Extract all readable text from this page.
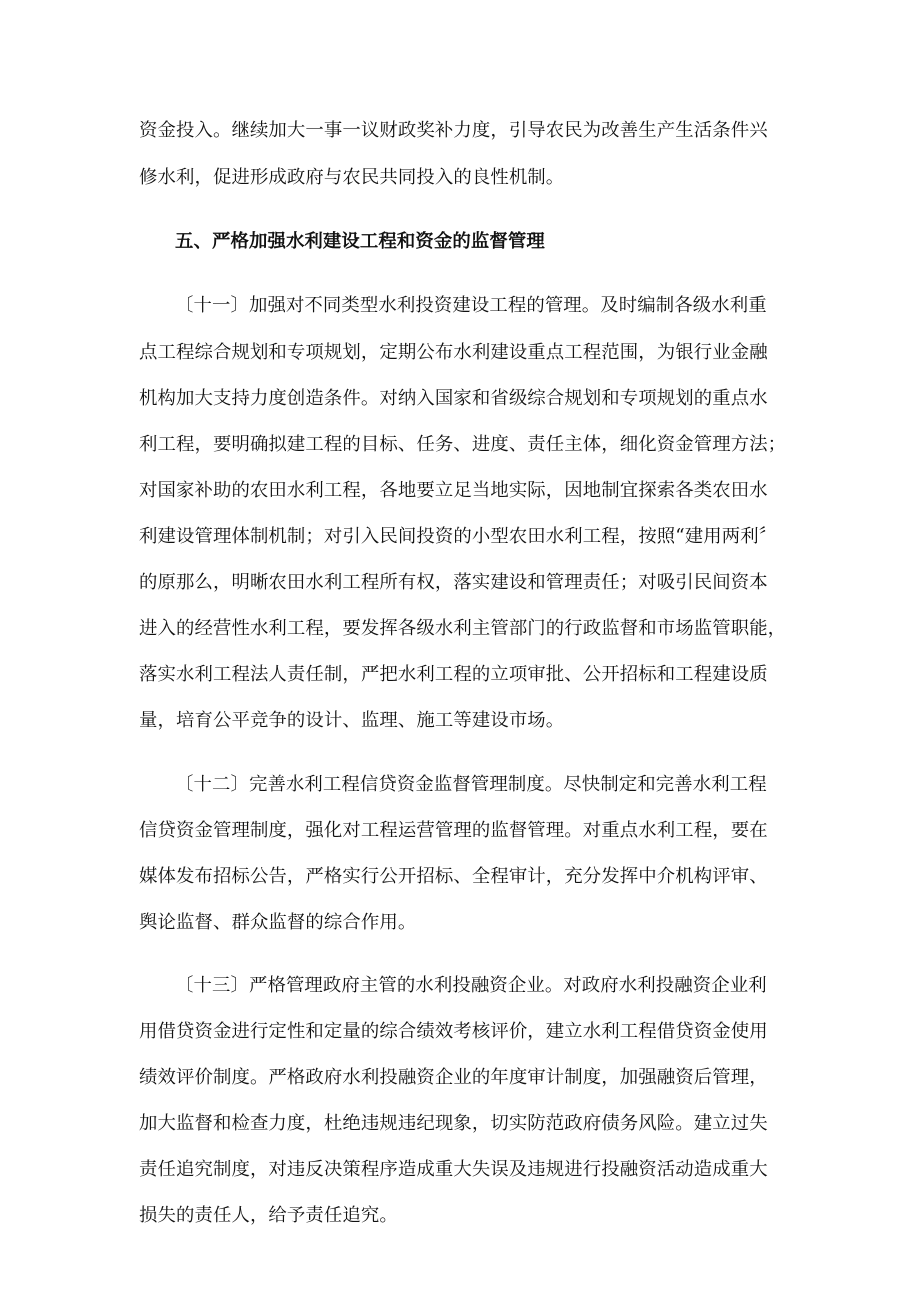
资金投入。继续加大一事一议财政奖补力度，引导农民为改善生产生活条件兴
修水利，促进形成政府与农民共同投入的良性机制。
五、严格加强水利建设工程和资金的监督管理
〔十一〕加强对不同类型水利投资建设工程的管理。及时编制各级水利重
点工程综合规划和专项规划，定期公布水利建设重点工程范围，为银行业金融
机构加大支持力度创造条件。对纳入国家和省级综合规划和专项规划的重点水
利工程，要明确拟建工程的目标、任务、进度、责任主体，细化资金管理方法；
对国家补助的农田水利工程，各地要立足当地实际，因地制宜探索各类农田水
利建设管理体制机制；对引入民间投资的小型农田水利工程，按照“建用两利〞
的原那么，明晰农田水利工程所有权，落实建设和管理责任；对吸引民间资本
进入的经营性水利工程，要发挥各级水利主管部门的行政监督和市场监管职能，
落实水利工程法人责任制，严把水利工程的立项审批、公开招标和工程建设质
量，培育公平竞争的设计、监理、施工等建设市场。
〔十二〕完善水利工程信贷资金监督管理制度。尽快制定和完善水利工程
信贷资金管理制度，强化对工程运营管理的监督管理。对重点水利工程，要在
媒体发布招标公告，严格实行公开招标、全程审计，充分发挥中介机构评审、
舆论监督、群众监督的综合作用。
〔十三〕严格管理政府主管的水利投融资企业。对政府水利投融资企业利
用借贷资金进行定性和定量的综合绩效考核评价，建立水利工程借贷资金使用
绩效评价制度。严格政府水利投融资企业的年度审计制度，加强融资后管理，
加大监督和检查力度，杜绝违规违纪现象，切实防范政府债务风险。建立过失
责任追究制度，对违反决策程序造成重大失误及违规进行投融资活动造成重大
损失的责任人，给予责任追究。
